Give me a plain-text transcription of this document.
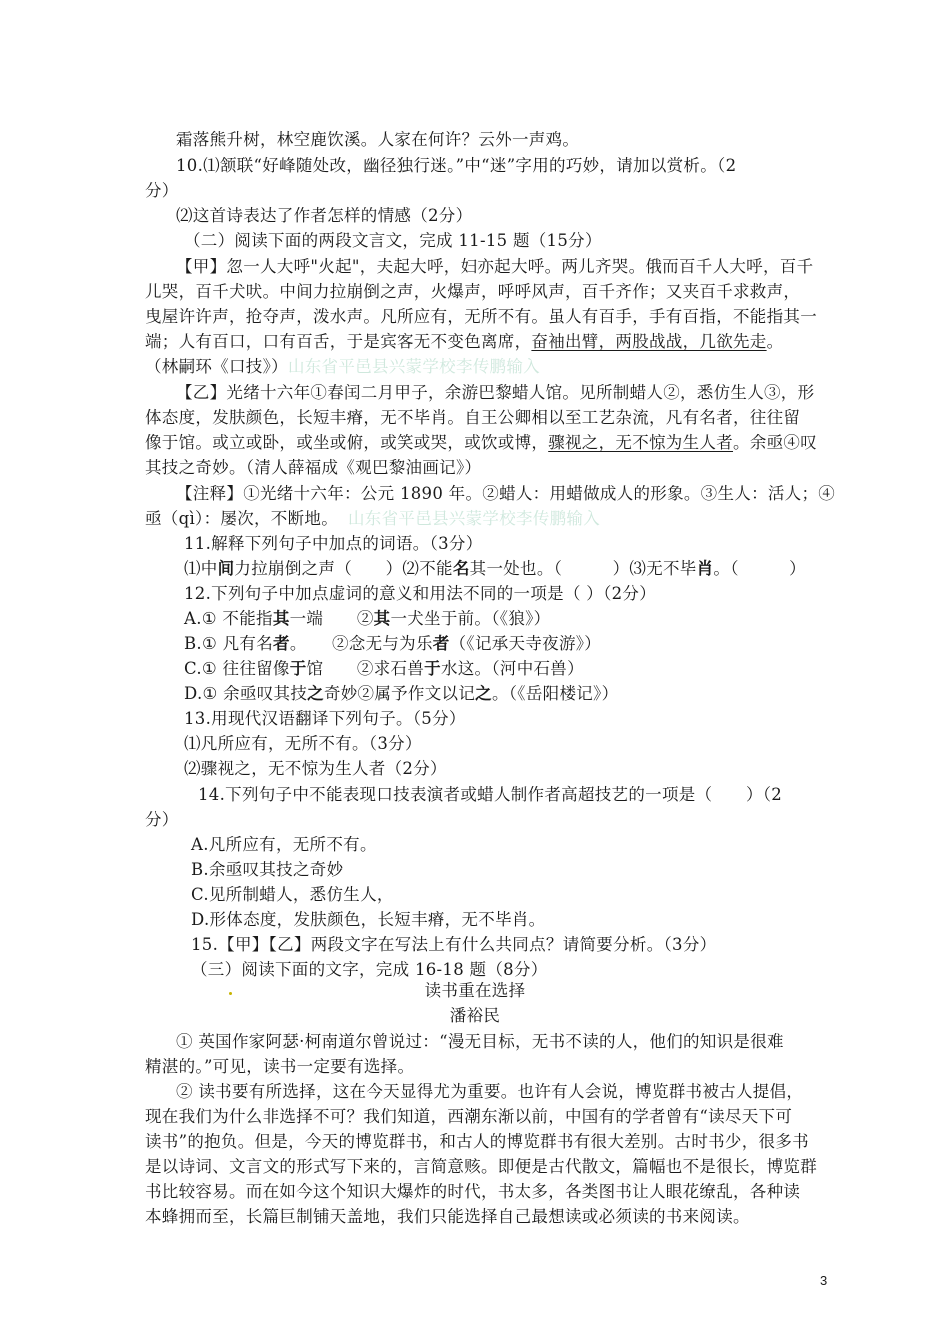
霜落熊升树，林空鹿饮溪。人家在何许？云外一声鸡。
10.⑴颔联“好峰随处改，幽径独行迷。”中“迷”字用的巧妙，请加以赏析。（2
分）
⑵这首诗表达了作者怎样的情感（2分）
（二）阅读下面的两段文言文，完成 11-15 题（15分）
【甲】忽一人大呼"火起"，夫起大呼，妇亦起大呼。两儿齐哭。俄而百千人大呼，百千
儿哭，百千犬吠。中间力拉崩倒之声，火爆声，呼呼风声，百千齐作；又夹百千求救声，
曳屋许许声，抢夺声，泼水声。凡所应有，无所不有。虽人有百手，手有百指，不能指其一
端；人有百口，口有百舌，于是宾客无不变色离席，奋袖出臂，两股战战，几欲先走。
（林嗣环《口技》）山东省平邑县兴蒙学校李传鹏输入
【乙】光绪十六年①春闰二月甲子，余游巴黎蜡人馆。见所制蜡人②，悉仿生人③，形
体态度，发肤颜色，长短丰瘠，无不毕肖。自王公卿相以至工艺杂流，凡有名者，往往留
像于馆。或立或卧，或坐或俯，或笑或哭，或饮或博，骤视之，无不惊为生人者。余亟④叹
其技之奇妙。（清人薛福成《观巴黎油画记》）
【注释】①光绪十六年：公元 1890 年。②蜡人：用蜡做成人的形象。③生人：活人；④
亟（qì）：屡次，不断地。 山东省平邑县兴蒙学校李传鹏输入
11.解释下列句子中加点的词语。（3分）
⑴中间力拉崩倒之声（　　）⑵不能名其一处也。（　　　）⑶无不毕肖。（　　　）
12.下列句子中加点虚词的意义和用法不同的一项是（ ）（2分）
A.① 不能指其一端　　②其一犬坐于前。（《狼》）
B.① 凡有名者。　　②念无与为乐者（《记承天寺夜游》）
C.① 往往留像于馆　　②求石兽于水这。（河中石兽）
D.① 余亟叹其技之奇妙②属予作文以记之。（《岳阳楼记》）
13.用现代汉语翻译下列句子。（5分）
⑴凡所应有，无所不有。（3分）
⑵骤视之，无不惊为生人者（2分）
14.下列句子中不能表现口技表演者或蜡人制作者高超技艺的一项是（　　）（2
分）
A.凡所应有，无所不有。
B.余亟叹其技之奇妙
C.见所制蜡人，悉仿生人，
D.形体态度，发肤颜色，长短丰瘠，无不毕肖。
15.【甲】【乙】两段文字在写法上有什么共同点？请简要分析。（3分）
（三）阅读下面的文字，完成 16-18 题（8分）
读书重在选择
潘裕民
① 英国作家阿瑟·柯南道尔曾说过：“漫无目标，无书不读的人，他们的知识是很难
精湛的。”可见，读书一定要有选择。
② 读书要有所选择，这在今天显得尤为重要。也许有人会说，博览群书被古人提倡，
现在我们为什么非选择不可？我们知道，西潮东渐以前，中国有的学者曾有“读尽天下可
读书”的抱负。但是，今天的博览群书，和古人的博览群书有很大差别。古时书少，很多书
是以诗词、文言文的形式写下来的，言简意赅。即便是古代散文，篇幅也不是很长，博览群
书比较容易。而在如今这个知识大爆炸的时代，书太多，各类图书让人眼花缭乱，各种读
本蜂拥而至，长篇巨制铺天盖地，我们只能选择自己最想读或必须读的书来阅读。
3
